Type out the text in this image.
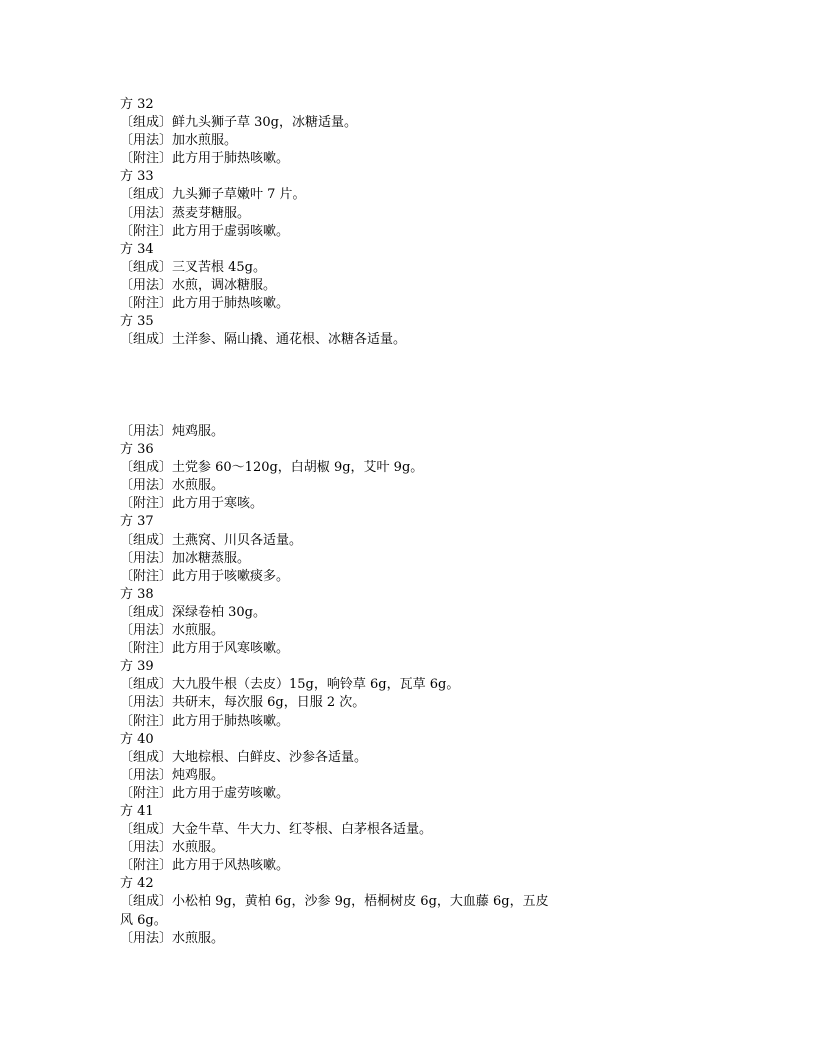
方 32
〔组成〕鲜九头狮子草 30g，冰糖适量。
〔用法〕加水煎服。
〔附注〕此方用于肺热咳嗽。
方 33
〔组成〕九头狮子草嫩叶 7 片。
〔用法〕蒸麦芽糖服。
〔附注〕此方用于虚弱咳嗽。
方 34
〔组成〕三叉苦根 45g。
〔用法〕水煎，调冰糖服。
〔附注〕此方用于肺热咳嗽。
方 35
〔组成〕土洋参、隔山撬、通花根、冰糖各适量。
〔用法〕炖鸡服。
方 36
〔组成〕土党参 60～120g，白胡椒 9g，艾叶 9g。
〔用法〕水煎服。
〔附注〕此方用于寒咳。
方 37
〔组成〕土燕窝、川贝各适量。
〔用法〕加冰糖蒸服。
〔附注〕此方用于咳嗽痰多。
方 38
〔组成〕深绿卷柏 30g。
〔用法〕水煎服。
〔附注〕此方用于风寒咳嗽。
方 39
〔组成〕大九股牛根（去皮）15g，响铃草 6g，瓦草 6g。
〔用法〕共研末，每次服 6g，日服 2 次。
〔附注〕此方用于肺热咳嗽。
方 40
〔组成〕大地棕根、白鲜皮、沙参各适量。
〔用法〕炖鸡服。
〔附注〕此方用于虚劳咳嗽。
方 41
〔组成〕大金牛草、牛大力、红苓根、白茅根各适量。
〔用法〕水煎服。
〔附注〕此方用于风热咳嗽。
方 42
〔组成〕小松柏 9g，黄柏 6g，沙参 9g，梧桐树皮 6g，大血藤 6g，五皮
风 6g。
〔用法〕水煎服。
